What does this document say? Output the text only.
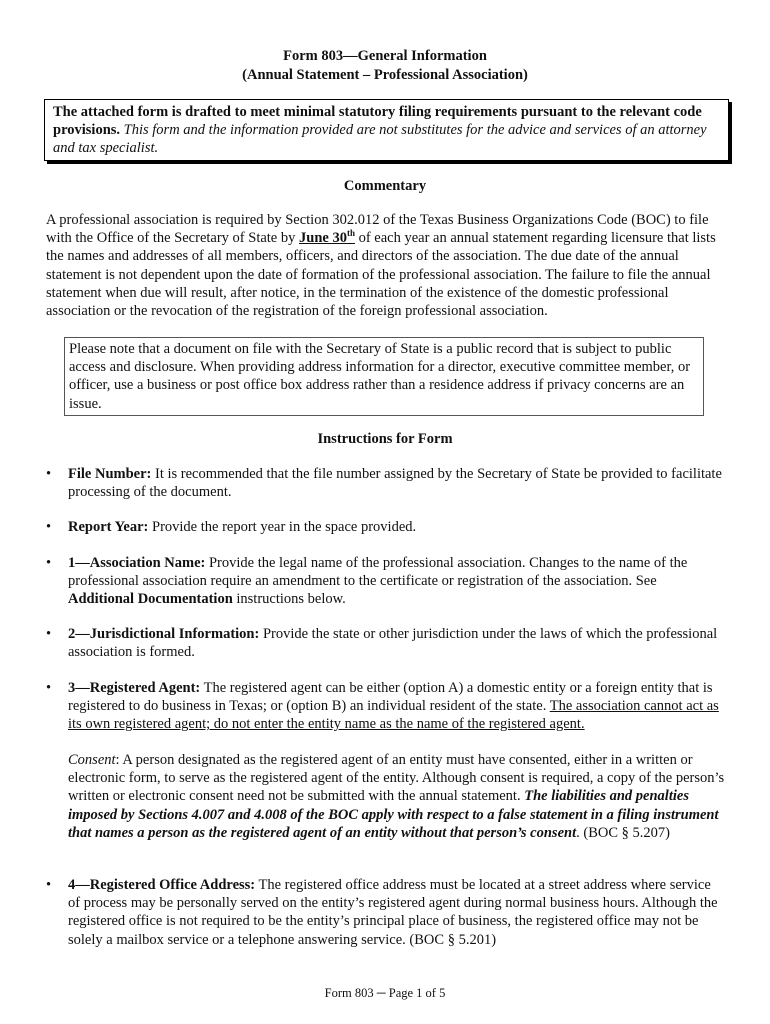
Form 803—General Information
(Annual Statement – Professional Association)
The attached form is drafted to meet minimal statutory filing requirements pursuant to the relevant code provisions. This form and the information provided are not substitutes for the advice and services of an attorney and tax specialist.
Commentary
A professional association is required by Section 302.012 of the Texas Business Organizations Code (BOC) to file with the Office of the Secretary of State by June 30th of each year an annual statement regarding licensure that lists the names and addresses of all members, officers, and directors of the association. The due date of the annual statement is not dependent upon the date of formation of the professional association. The failure to file the annual statement when due will result, after notice, in the termination of the existence of the domestic professional association or the revocation of the registration of the foreign professional association.
Please note that a document on file with the Secretary of State is a public record that is subject to public access and disclosure. When providing address information for a director, executive committee member, or officer, use a business or post office box address rather than a residence address if privacy concerns are an issue.
Instructions for Form
•	File Number: It is recommended that the file number assigned by the Secretary of State be provided to facilitate processing of the document.
•	Report Year: Provide the report year in the space provided.
•	1—Association Name: Provide the legal name of the professional association. Changes to the name of the professional association require an amendment to the certificate or registration of the association. See Additional Documentation instructions below.
•	2—Jurisdictional Information: Provide the state or other jurisdiction under the laws of which the professional association is formed.
•	3—Registered Agent: The registered agent can be either (option A) a domestic entity or a foreign entity that is registered to do business in Texas; or (option B) an individual resident of the state. The association cannot act as its own registered agent; do not enter the entity name as the name of the registered agent.
Consent: A person designated as the registered agent of an entity must have consented, either in a written or electronic form, to serve as the registered agent of the entity. Although consent is required, a copy of the person’s written or electronic consent need not be submitted with the annual statement. The liabilities and penalties imposed by Sections 4.007 and 4.008 of the BOC apply with respect to a false statement in a filing instrument that names a person as the registered agent of an entity without that person’s consent. (BOC § 5.207)
•	4—Registered Office Address: The registered office address must be located at a street address where service of process may be personally served on the entity’s registered agent during normal business hours. Although the registered office is not required to be the entity’s principal place of business, the registered office may not be solely a mailbox service or a telephone answering service. (BOC § 5.201)
Form 803 ─ Page 1 of 5
